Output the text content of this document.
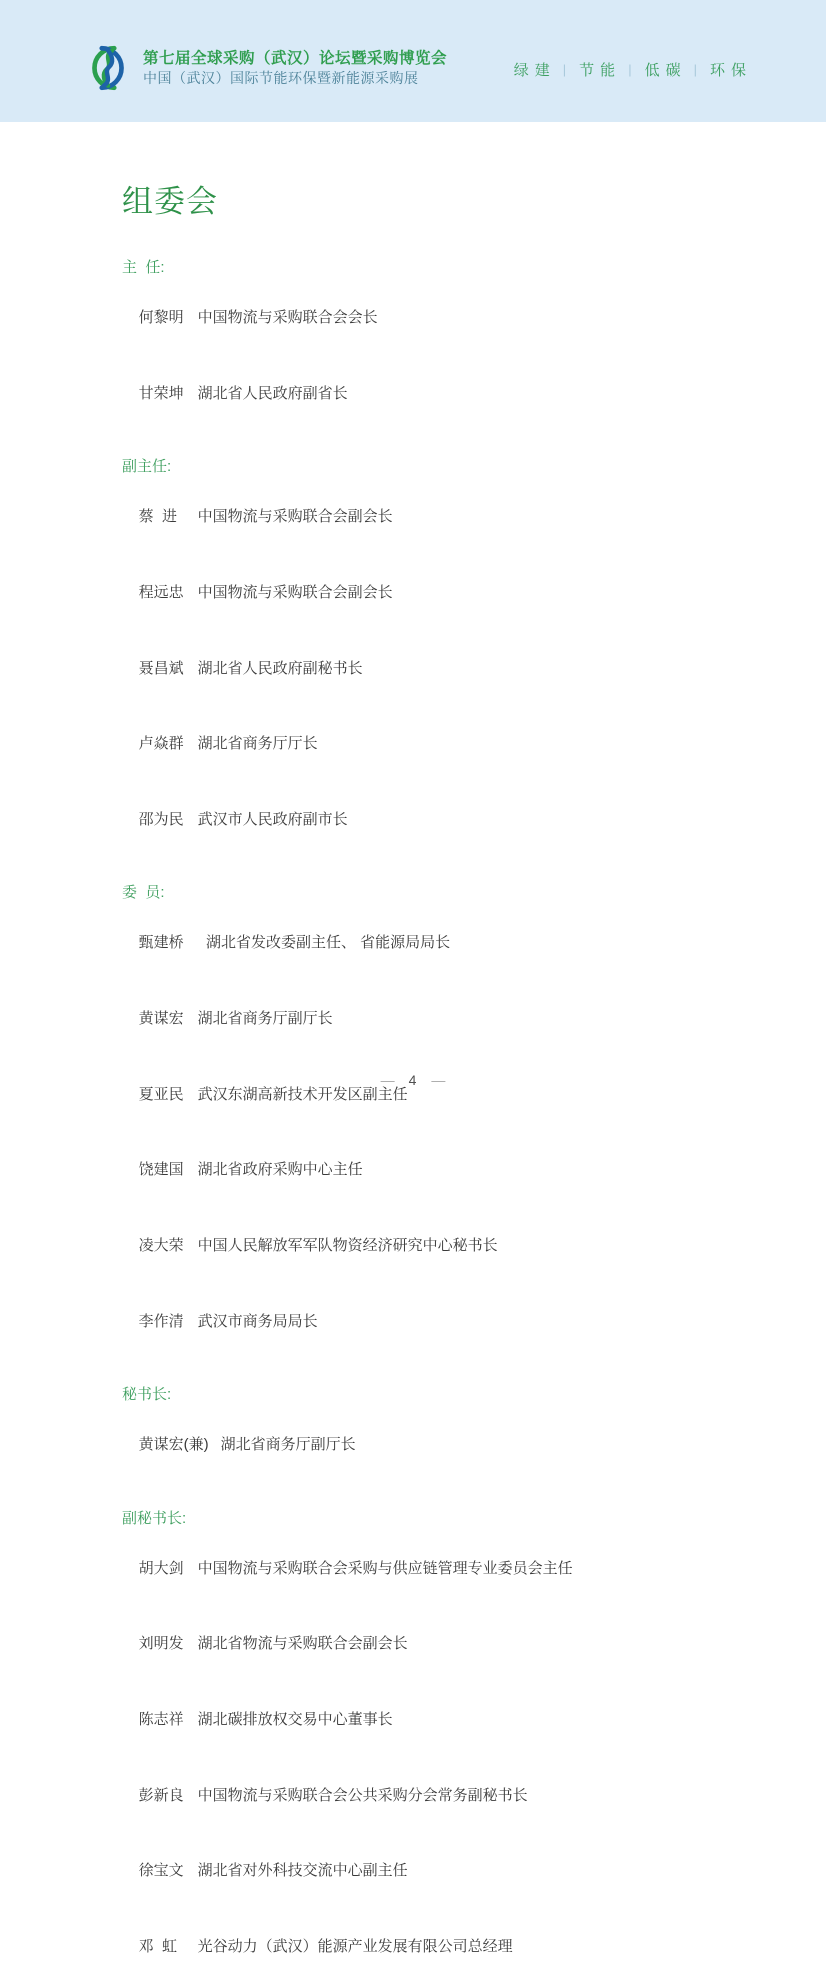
第七届全球采购（武汉）论坛暨采购博览会
中国（武汉）国际节能环保暨新能源采购展	绿建 | 节能 | 低碳 | 环保
组委会
主  任:

何黎明 中国物流与采购联合会会长

甘荣坤 湖北省人民政府副省长

副主任:

蔡  进 中国物流与采购联合会副会长

程远忠 中国物流与采购联合会副会长

聂昌斌 湖北省人民政府副秘书长

卢焱群 湖北省商务厅厅长

邵为民 武汉市人民政府副市长

委  员:

甄建桥  湖北省发改委副主任、 省能源局局长

黄谋宏 湖北省商务厅副厅长

夏亚民 武汉东湖高新技术开发区副主任

饶建国 湖北省政府采购中心主任

凌大荣 中国人民解放军军队物资经济研究中心秘书长

李作清 武汉市商务局局长

秘书长:

黄谋宏(兼) 湖北省商务厅副厅长

副秘书长:

胡大剑 中国物流与采购联合会采购与供应链管理专业委员会主任

刘明发 湖北省物流与采购联合会副会长

陈志祥 湖北碳排放权交易中心董事长

彭新良 中国物流与采购联合会公共采购分会常务副秘书长

徐宝文 湖北省对外科技交流中心副主任

邓  虹 光谷动力（武汉）能源产业发展有限公司总经理

— 4 —
